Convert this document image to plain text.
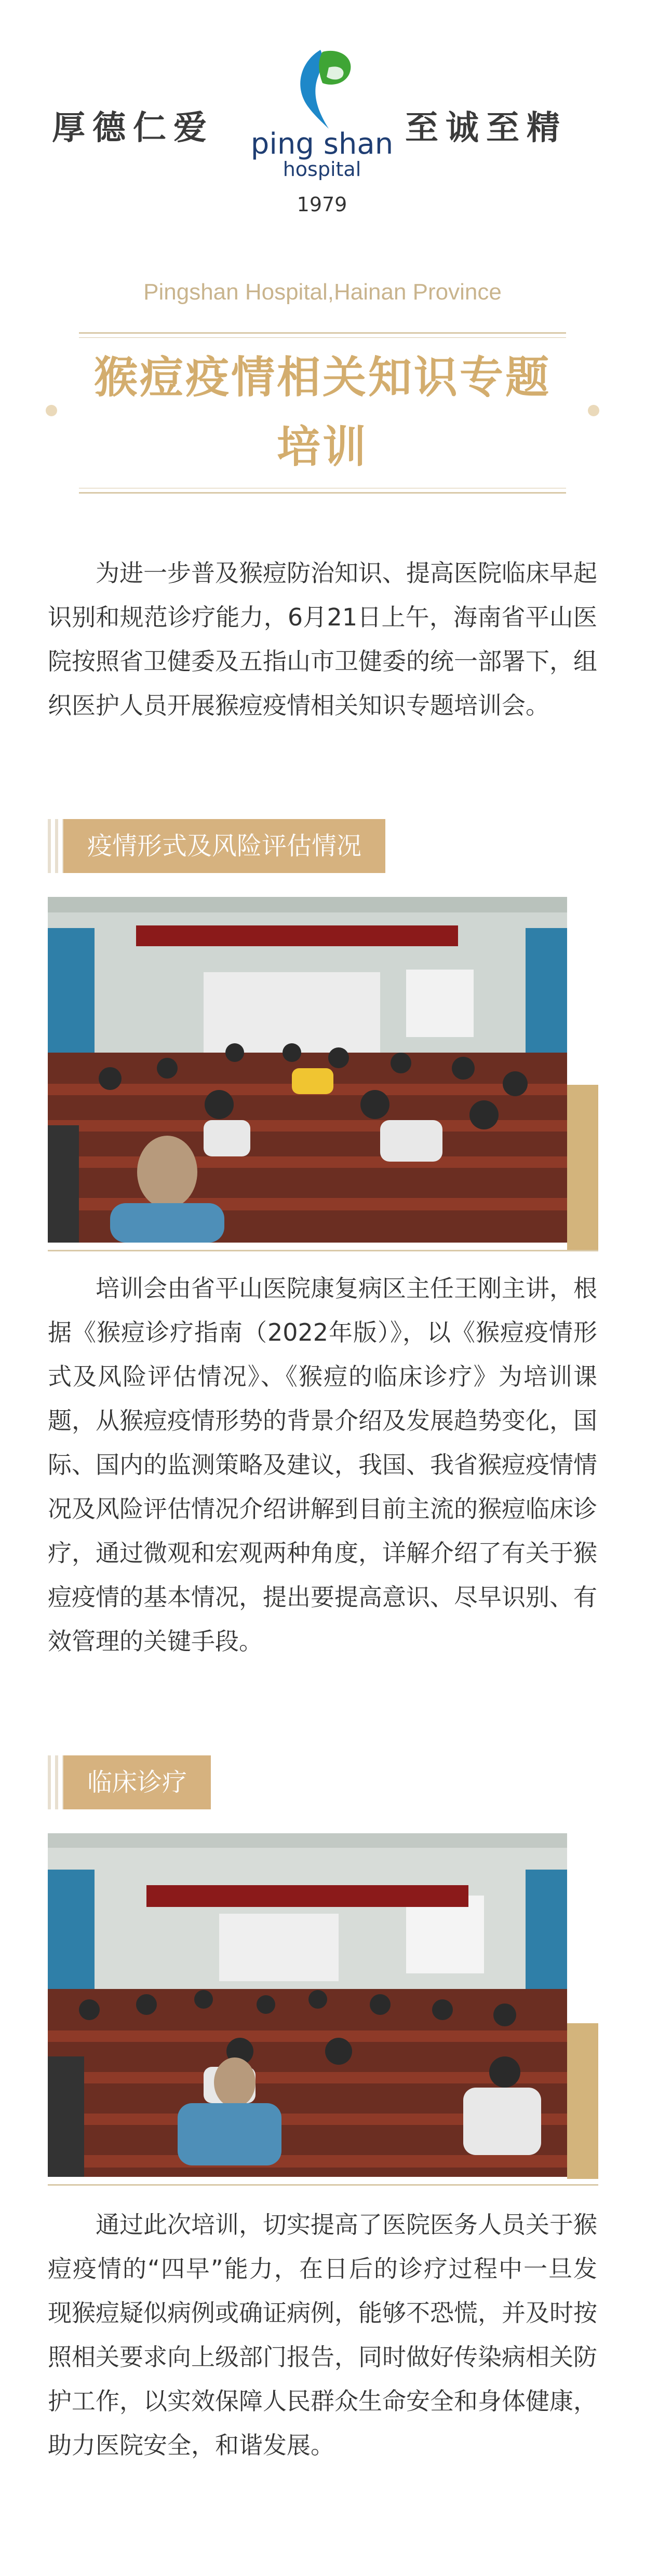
厚德仁爱 ping shan
hospital
1979
至诚至精
Pingshan Hospital,Hainan Province
猴痘疫情相关知识专题
培训

为进一步普及猴痘防治知识、提高医院临床早起识别和规范诊疗能力，6月21日上午，海南省平山医院按照省卫健委及五指山市卫健委的统一部署下，组织医护人员开展猴痘疫情相关知识专题培训会。

疫情形式及风险评估情况

培训会由省平山医院康复病区主任王刚主讲，根据《猴痘诊疗指南（2022年版）》，以《猴痘疫情形式及风险评估情况》、《猴痘的临床诊疗》为培训课题，从猴痘疫情形势的背景介绍及发展趋势变化，国际、国内的监测策略及建议，我国、我省猴痘疫情情况及风险评估情况介绍讲解到目前主流的猴痘临床诊疗，通过微观和宏观两种角度，详解介绍了有关于猴痘疫情的基本情况，提出要提高意识、尽早识别、有效管理的关键手段。

临床诊疗

通过此次培训，切实提高了医院医务人员关于猴痘疫情的“四早”能力，在日后的诊疗过程中一旦发现猴痘疑似病例或确证病例，能够不恐慌，并及时按照相关要求向上级部门报告，同时做好传染病相关防护工作，以实效保障人民群众生命安全和身体健康，助力医院安全，和谐发展。
